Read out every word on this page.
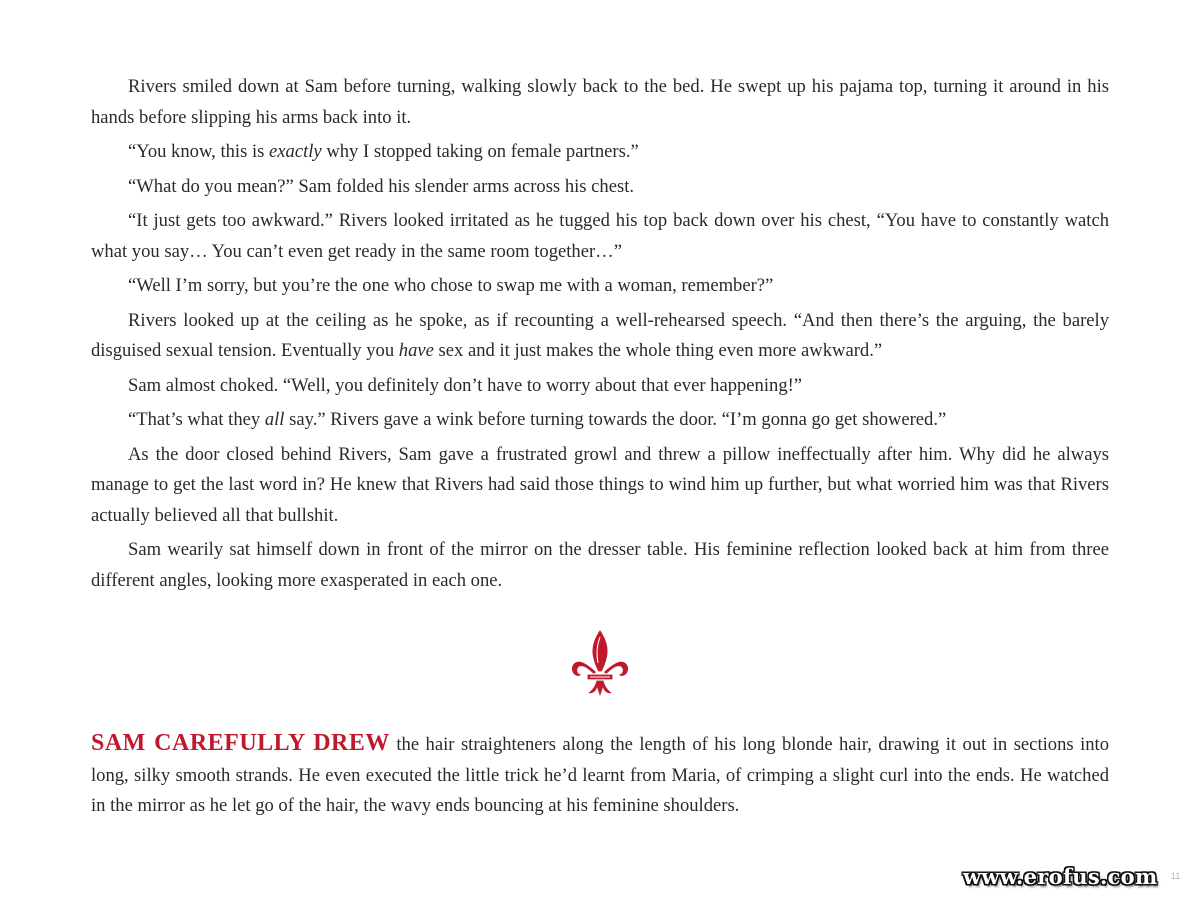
Rivers smiled down at Sam before turning, walking slowly back to the bed. He swept up his pajama top, turning it around in his hands before slipping his arms back into it.

“You know, this is exactly why I stopped taking on female partners.”

“What do you mean?” Sam folded his slender arms across his chest.

“It just gets too awkward.” Rivers looked irritated as he tugged his top back down over his chest, “You have to constantly watch what you say… You can’t even get ready in the same room together…”

“Well I’m sorry, but you’re the one who chose to swap me with a woman, remember?”

Rivers looked up at the ceiling as he spoke, as if recounting a well-rehearsed speech. “And then there’s the arguing, the barely disguised sexual tension. Eventually you have sex and it just makes the whole thing even more awkward.”

Sam almost choked. “Well, you definitely don’t have to worry about that ever happening!”

“That’s what they all say.” Rivers gave a wink before turning towards the door. “I’m gonna go get showered.”

As the door closed behind Rivers, Sam gave a frustrated growl and threw a pillow ineffectually after him. Why did he always manage to get the last word in? He knew that Rivers had said those things to wind him up further, but what worried him was that Rivers actually believed all that bullshit.

Sam wearily sat himself down in front of the mirror on the dresser table. His feminine reflection looked back at him from three different angles, looking more exasperated in each one.

SAM CAREFULLY DREW the hair straighteners along the length of his long blonde hair, drawing it out in sections into long, silky smooth strands. He even executed the little trick he’d learnt from Maria, of crimping a slight curl into the ends. He watched in the mirror as he let go of the hair, the wavy ends bouncing at his feminine shoulders.

www.erofus.com 11
